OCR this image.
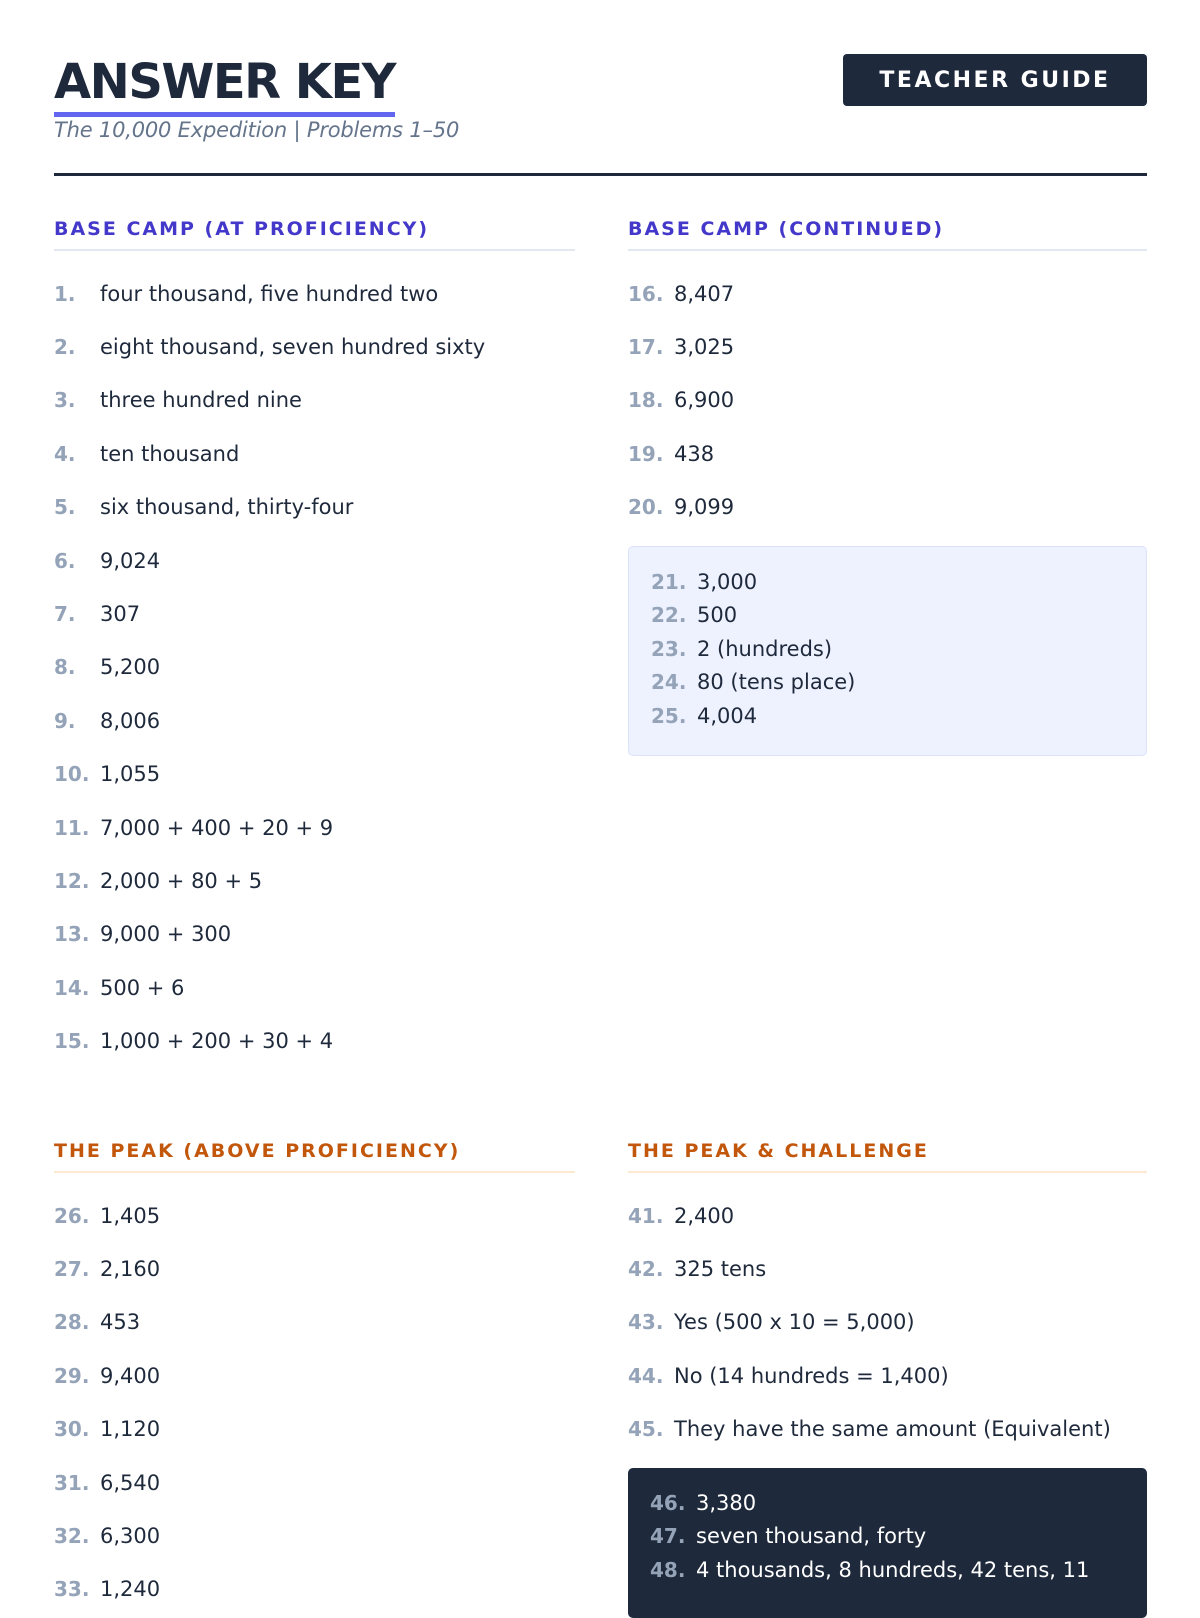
ANSWER KEY
The 10,000 Expedition | Problems 1–50
TEACHER GUIDE
BASE CAMP (AT PROFICIENCY)
1.	four thousand, five hundred two
2.	eight thousand, seven hundred sixty
3.	three hundred nine
4.	ten thousand
5.	six thousand, thirty-four
6.	9,024
7.	307
8.	5,200
9.	8,006
10. 1,055
11. 7,000 + 400 + 20 + 9
12. 2,000 + 80 + 5
13. 9,000 + 300
14. 500 + 6
15. 1,000 + 200 + 30 + 4
BASE CAMP (CONTINUED)
16. 8,407
17. 3,025
18. 6,900
19. 438
20. 9,099
21. 3,000
22. 500
23. 2 (hundreds)
24. 80 (tens place)
25. 4,004
THE PEAK (ABOVE PROFICIENCY)
26. 1,405
27. 2,160
28. 453
29. 9,400
30. 1,120
31. 6,540
32. 6,300
33. 1,240
THE PEAK & CHALLENGE
41. 2,400
42. 325 tens
43. Yes (500 x 10 = 5,000)
44. No (14 hundreds = 1,400)
45. They have the same amount (Equivalent)
46. 3,380
47. seven thousand, forty
48. 4 thousands, 8 hundreds, 42 tens, 11
